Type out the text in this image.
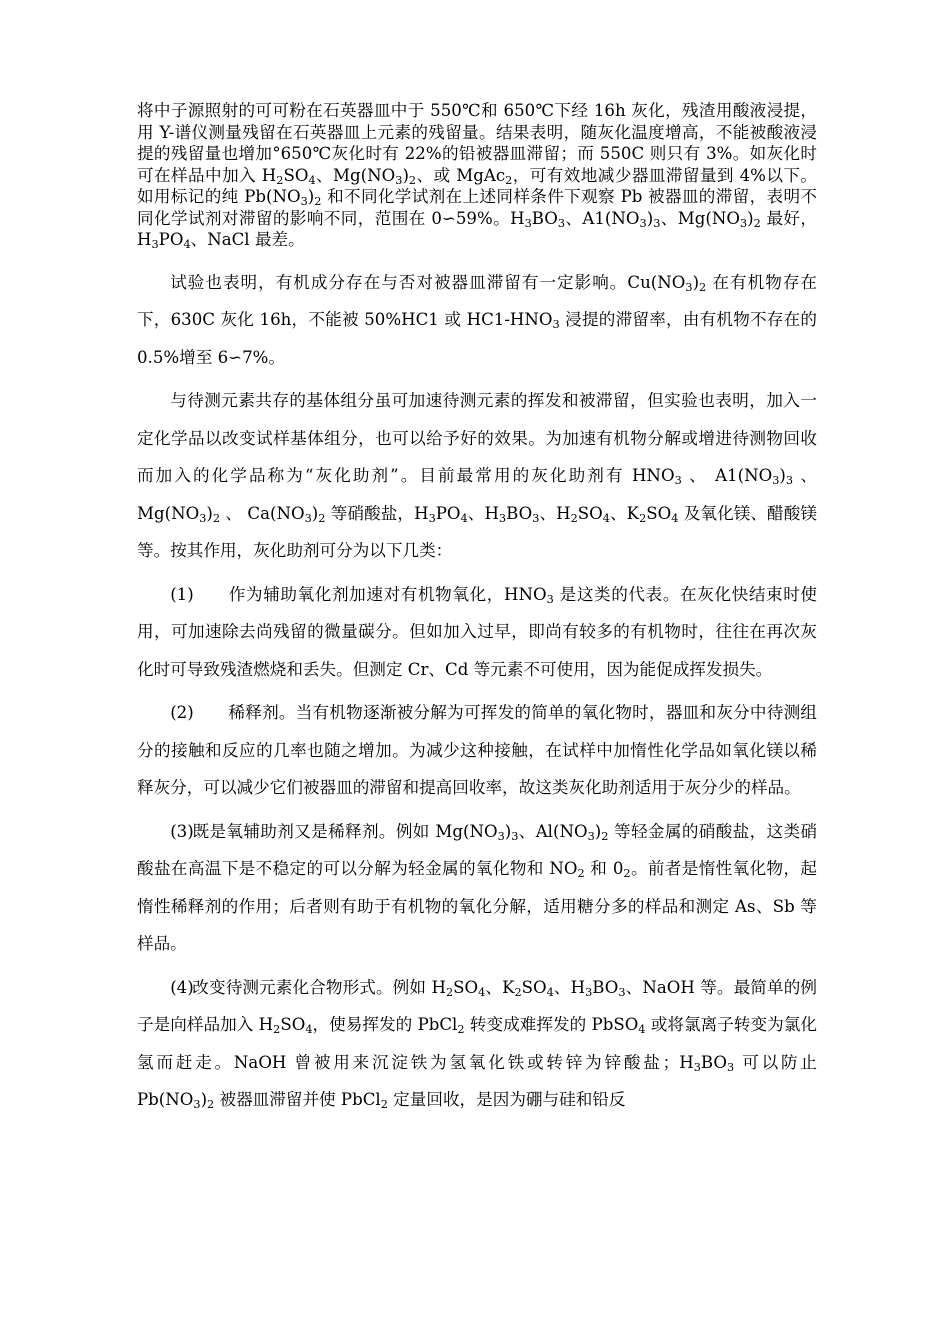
将中子源照射的可可粉在石英器皿中于 550℃和 650℃下经 16h 灰化，残渣用酸液浸提，用 Y-谱仪测量残留在石英器皿上元素的残留量。结果表明，随灰化温度增高，不能被酸液浸提的残留量也增加°650℃灰化时有 22%的铅被器皿滞留；而 550C 则只有 3%。如灰化时可在样品中加入 $H_2SO_4$、$Mg(NO_3)_2$、或 MgAc$_2$，可有效地减少器皿滞留量到 4%以下。如用标记的纯 $Pb(NO_3)_2$ 和不同化学试剂在上述同样条件下观察 Pb 被器皿的滞留，表明不同化学试剂对滞留的影响不同，范围在 0∽59%。$H_3BO_3$、$A1(NO_3)_3$、$Mg(NO_3)_2$ 最好，$H_3PO_4$、NaCl 最差。

试验也表明，有机成分存在与否对被器皿滞留有一定影响。$Cu(NO_3)_2$ 在有机物存在下，630C 灰化 16h，不能被 50%HC1 或 $HC1-HNO_3$ 浸提的滞留率，由有机物不存在的 0.5%增至 6∽7%。

与待测元素共存的基体组分虽可加速待测元素的挥发和被滞留，但实验也表明，加入一定化学品以改变试样基体组分，也可以给予好的效果。为加速有机物分解或增进待测物回收而加入的化学品称为“灰化助剂”。目前最常用的灰化助剂有 $HNO_3$ 、 $A1(NO_3)_3$ 、 $Mg(NO_3)_2$ 、 $Ca(NO_3)_2$ 等硝酸盐，$H_3PO_4$、$H_3BO_3$、$H_2SO_4$、$K_2SO_4$ 及氧化镁、醋酸镁等。按其作用，灰化助剂可分为以下几类：

(1) 作为辅助氧化剂加速对有机物氧化，$HNO_3$ 是这类的代表。在灰化快结束时使用，可加速除去尚残留的微量碳分。但如加入过早，即尚有较多的有机物时，往往在再次灰化时可导致残渣燃烧和丢失。但测定 Cr、Cd 等元素不可使用，因为能促成挥发损失。

(2) 稀释剂。当有机物逐渐被分解为可挥发的简单的氧化物时，器皿和灰分中待测组分的接触和反应的几率也随之增加。为减少这种接触，在试样中加惰性化学品如氧化镁以稀释灰分，可以减少它们被器皿的滞留和提高回收率，故这类灰化助剂适用于灰分少的样品。

(3)既是氧辅助剂又是稀释剂。例如 $Mg(NO_3)_3$、$Al(NO_3)_2$ 等轻金属的硝酸盐，这类硝酸盐在高温下是不稳定的可以分解为轻金属的氧化物和 $NO_2$ 和 $0_2$。前者是惰性氧化物，起惰性稀释剂的作用；后者则有助于有机物的氧化分解，适用糖分多的样品和测定 As、Sb 等样品。

(4)改变待测元素化合物形式。例如 $H_2SO_4$、$K_2SO_4$、$H_3BO_3$、NaOH 等。最简单的例子是向样品加入 $H_2SO_4$，使易挥发的 PbCl$_2$ 转变成难挥发的 PbSO$_4$ 或将氯离子转变为氯化氢而赶走。NaOH 曾被用来沉淀铁为氢氧化铁或转锌为锌酸盐；$H_3BO_3$ 可以防止 $Pb(NO_3)_2$ 被器皿滞留并使 PbCl$_2$ 定量回收，是因为硼与硅和铅反
